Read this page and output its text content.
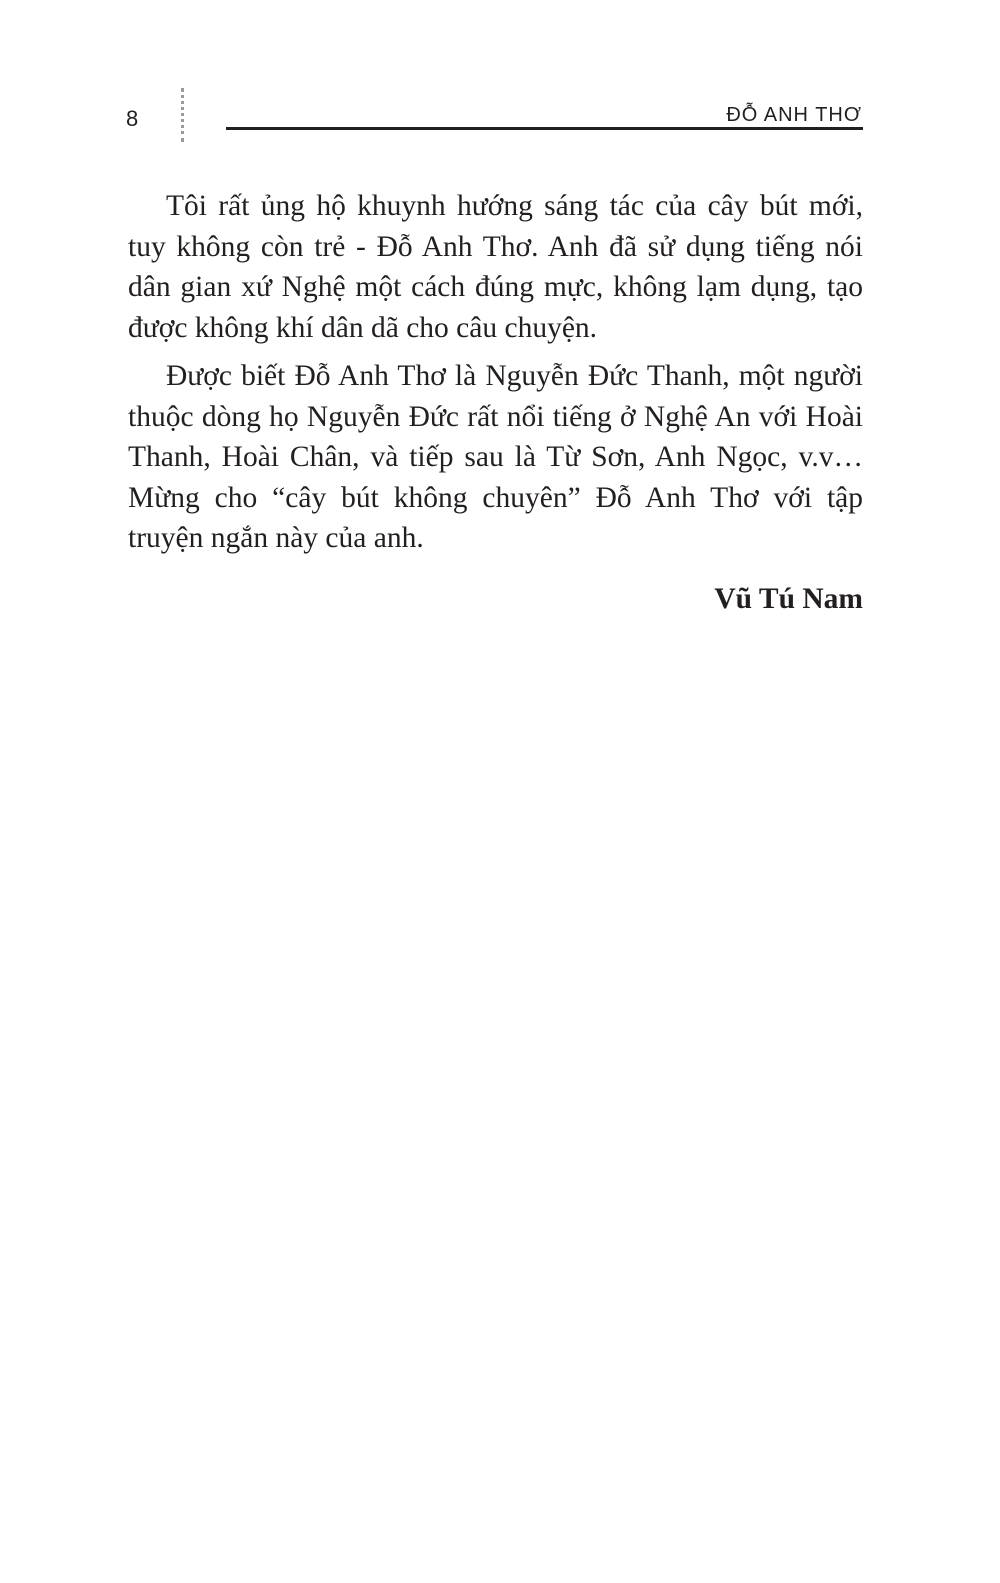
8	ĐỖ ANH THƠ

Tôi rất ủng hộ khuynh hướng sáng tác của cây bút mới, tuy không còn trẻ - Đỗ Anh Thơ. Anh đã sử dụng tiếng nói dân gian xứ Nghệ một cách đúng mực, không lạm dụng, tạo được không khí dân dã cho câu chuyện.

Được biết Đỗ Anh Thơ là Nguyễn Đức Thanh, một người thuộc dòng họ Nguyễn Đức rất nổi tiếng ở Nghệ An với Hoài Thanh, Hoài Chân, và tiếp sau là Từ Sơn, Anh Ngọc, v.v… Mừng cho “cây bút không chuyên” Đỗ Anh Thơ với tập truyện ngắn này của anh.

Vũ Tú Nam
